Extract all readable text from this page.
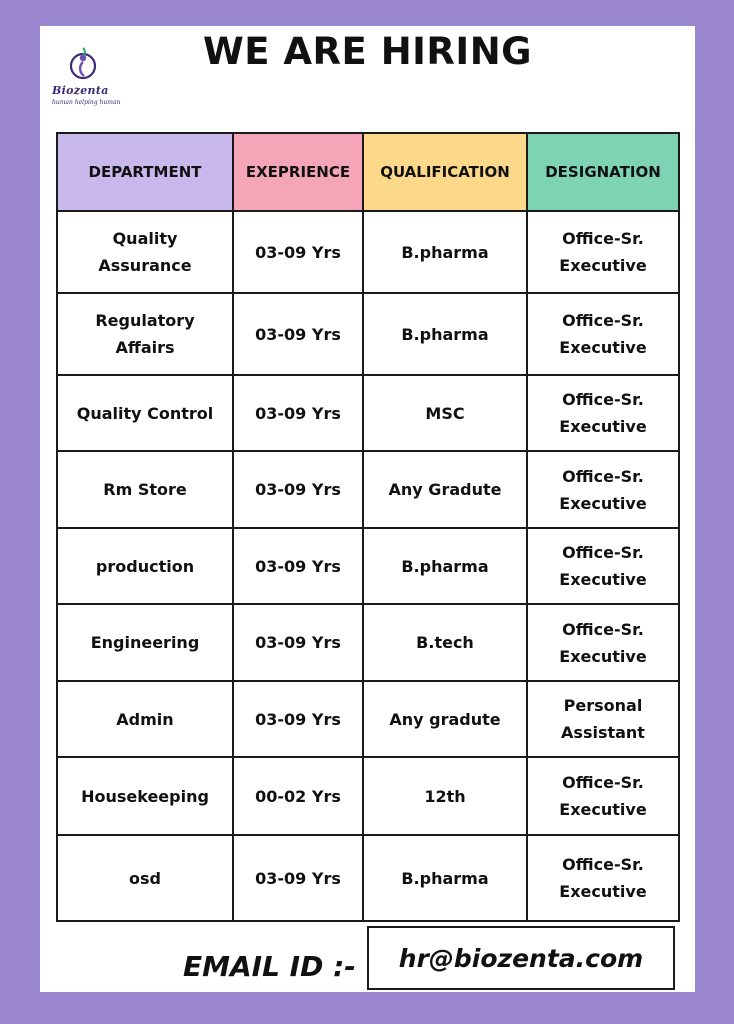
Biozenta
human helping human
WE ARE HIRING
DEPARTMENT	EXEPRIENCE	QUALIFICATION	DESIGNATION
Quality Assurance	03-09 Yrs	B.pharma	Office-Sr. Executive
Regulatory Affairs	03-09 Yrs	B.pharma	Office-Sr. Executive
Quality Control	03-09 Yrs	MSC	Office-Sr. Executive
Rm Store	03-09 Yrs	Any Gradute	Office-Sr. Executive
production	03-09 Yrs	B.pharma	Office-Sr. Executive
Engineering	03-09 Yrs	B.tech	Office-Sr. Executive
Admin	03-09 Yrs	Any gradute	Personal Assistant
Housekeeping	00-02 Yrs	12th	Office-Sr. Executive
osd	03-09 Yrs	B.pharma	Office-Sr. Executive
EMAIL ID :- hr@biozenta.com
